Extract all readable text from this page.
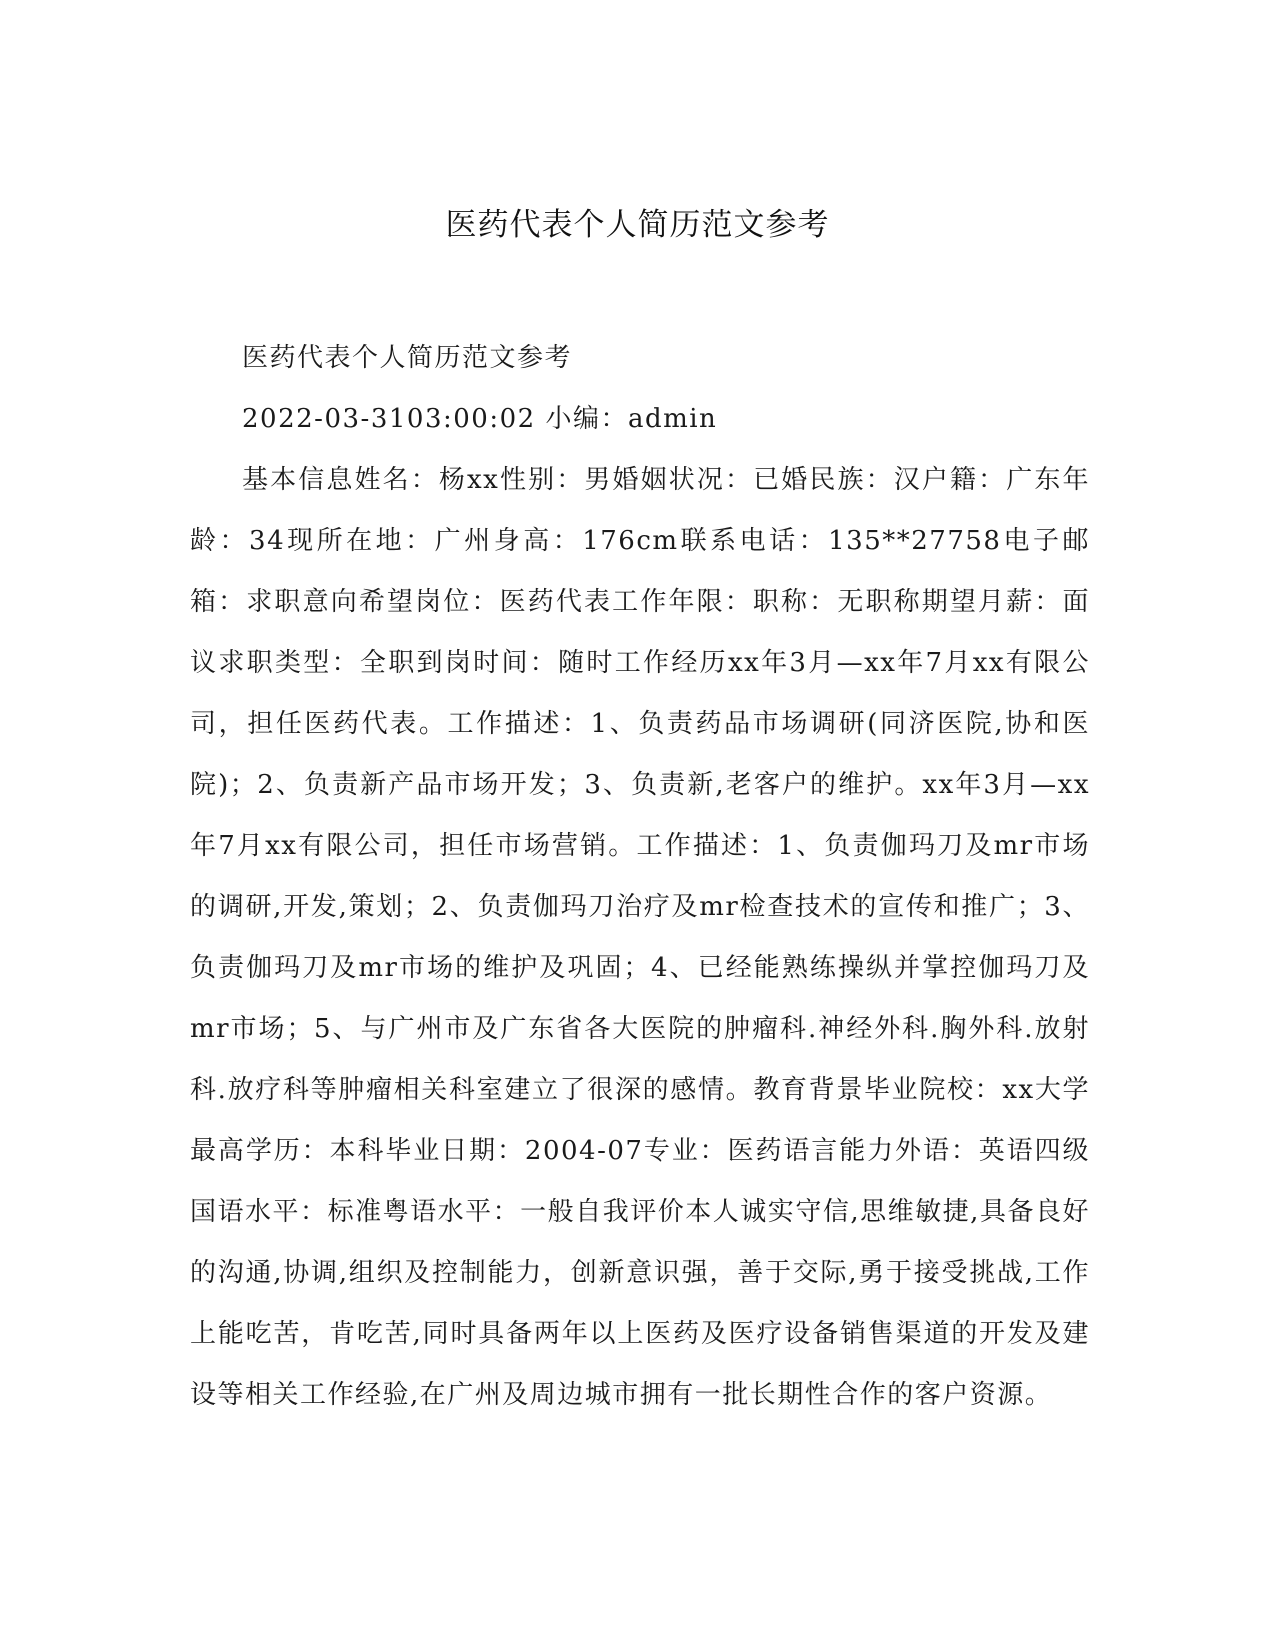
医药代表个人简历范文参考

医药代表个人简历范文参考

2022-03-3103:00:02 小编：admin

基本信息姓名：杨xx性别：男婚姻状况：已婚民族：汉户籍：广东年龄：34现所在地：广州身高：176cm联系电话：135**27758电子邮箱：求职意向希望岗位：医药代表工作年限：职称：无职称期望月薪：面议求职类型：全职到岗时间：随时工作经历xx年3月—xx年7月xx有限公司，担任医药代表。工作描述：1、负责药品市场调研(同济医院,协和医院)；2、负责新产品市场开发；3、负责新,老客户的维护。xx年3月—xx年7月xx有限公司，担任市场营销。工作描述：1、负责伽玛刀及mr市场的调研,开发,策划；2、负责伽玛刀治疗及mr检查技术的宣传和推广；3、负责伽玛刀及mr市场的维护及巩固；4、已经能熟练操纵并掌控伽玛刀及mr市场；5、与广州市及广东省各大医院的肿瘤科.神经外科.胸外科.放射科.放疗科等肿瘤相关科室建立了很深的感情。教育背景毕业院校：xx大学最高学历：本科毕业日期：2004-07专业：医药语言能力外语：英语四级国语水平：标准粤语水平：一般自我评价本人诚实守信,思维敏捷,具备良好的沟通,协调,组织及控制能力，创新意识强，善于交际,勇于接受挑战,工作上能吃苦，肯吃苦,同时具备两年以上医药及医疗设备销售渠道的开发及建设等相关工作经验,在广州及周边城市拥有一批长期性合作的客户资源。
